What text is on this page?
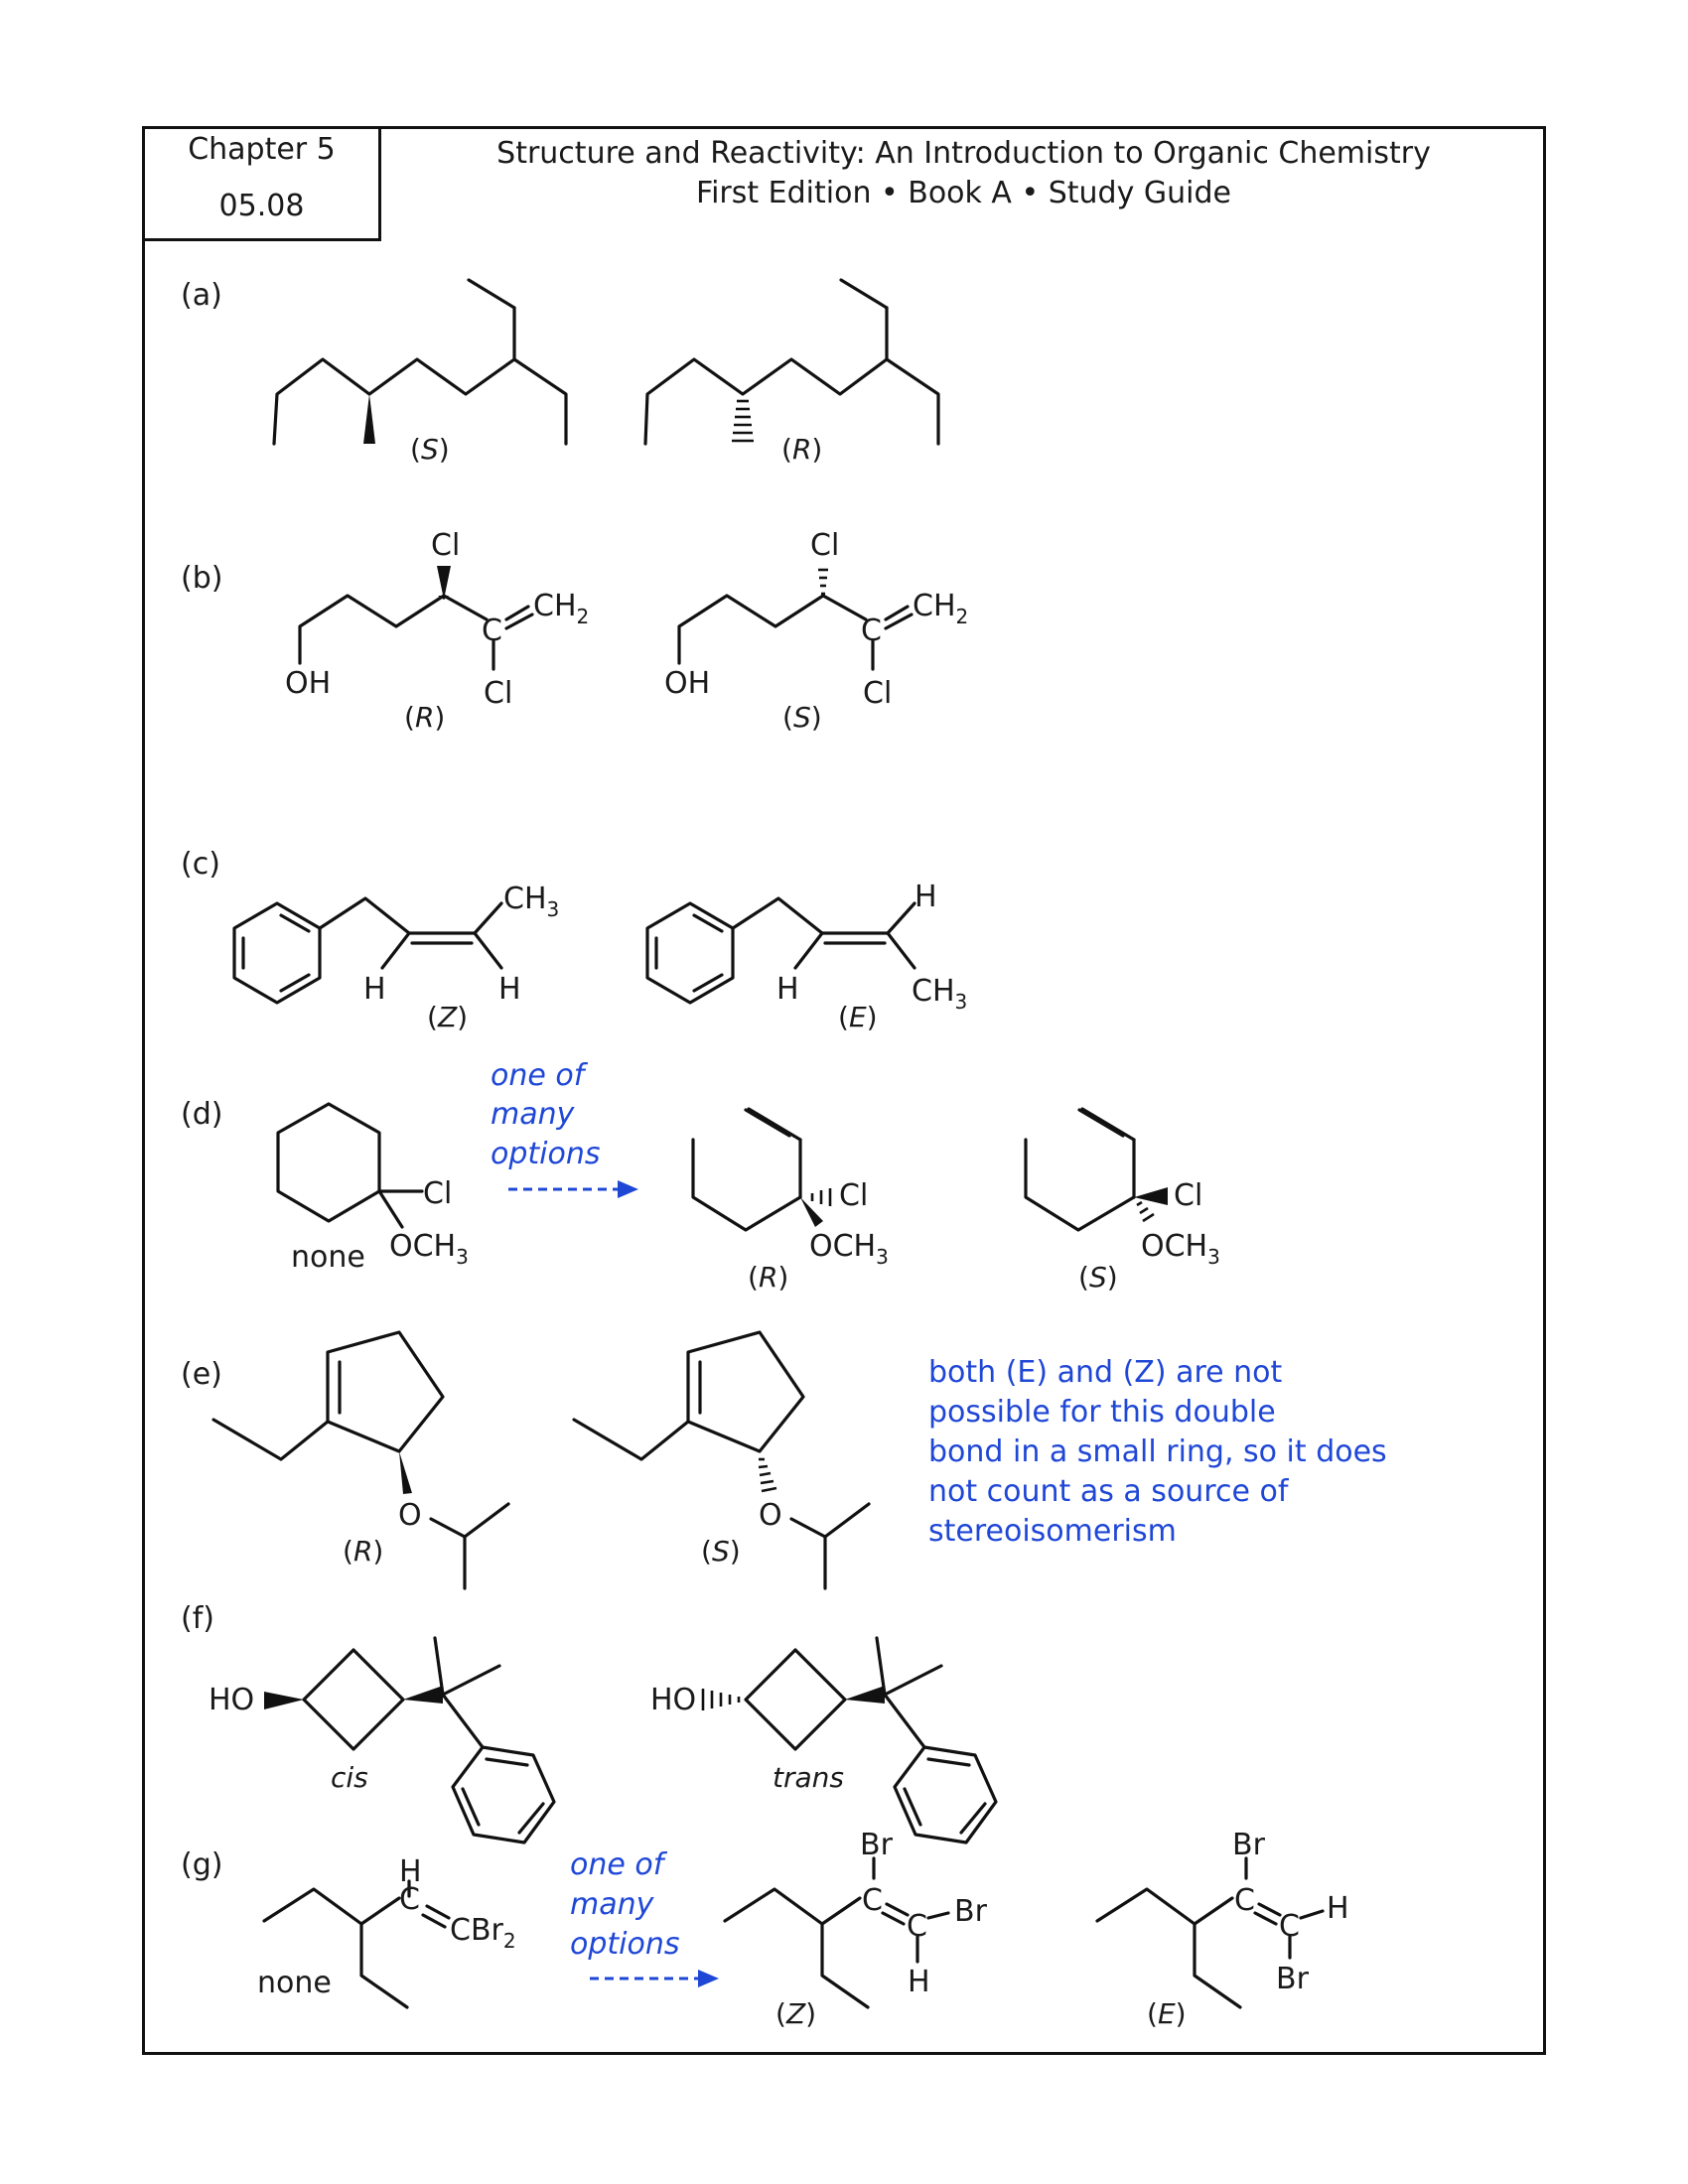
Chapter 5
05.08
Structure and Reactivity: An Introduction to Organic Chemistry
First Edition • Book A • Study Guide
(a)
(S)	(R)
(b)
Cl
$CH_2$
C
Cl
OH
(R)
Cl
$CH_2$
C
Cl
OH
(S)
(c)
$CH_3$
H	H
(Z)
H
H	$CH_3$
(E)
(d)
Cl
$OCH_3$
none
one of
many
options
Cl
$OCH_3$
(R)
Cl
$OCH_3$
(S)
(e)
O
(R)
O
(S)
both (E) and (Z) are not
possible for this double
bond in a small ring, so it does
not count as a source of
stereoisomerism
(f)
HO
cis
HO
trans
(g)	H
C
CBr$_2$
none
one of
many
options
Br
C
C Br
H
(Z)
Br
C
C
H
Br
(E)
